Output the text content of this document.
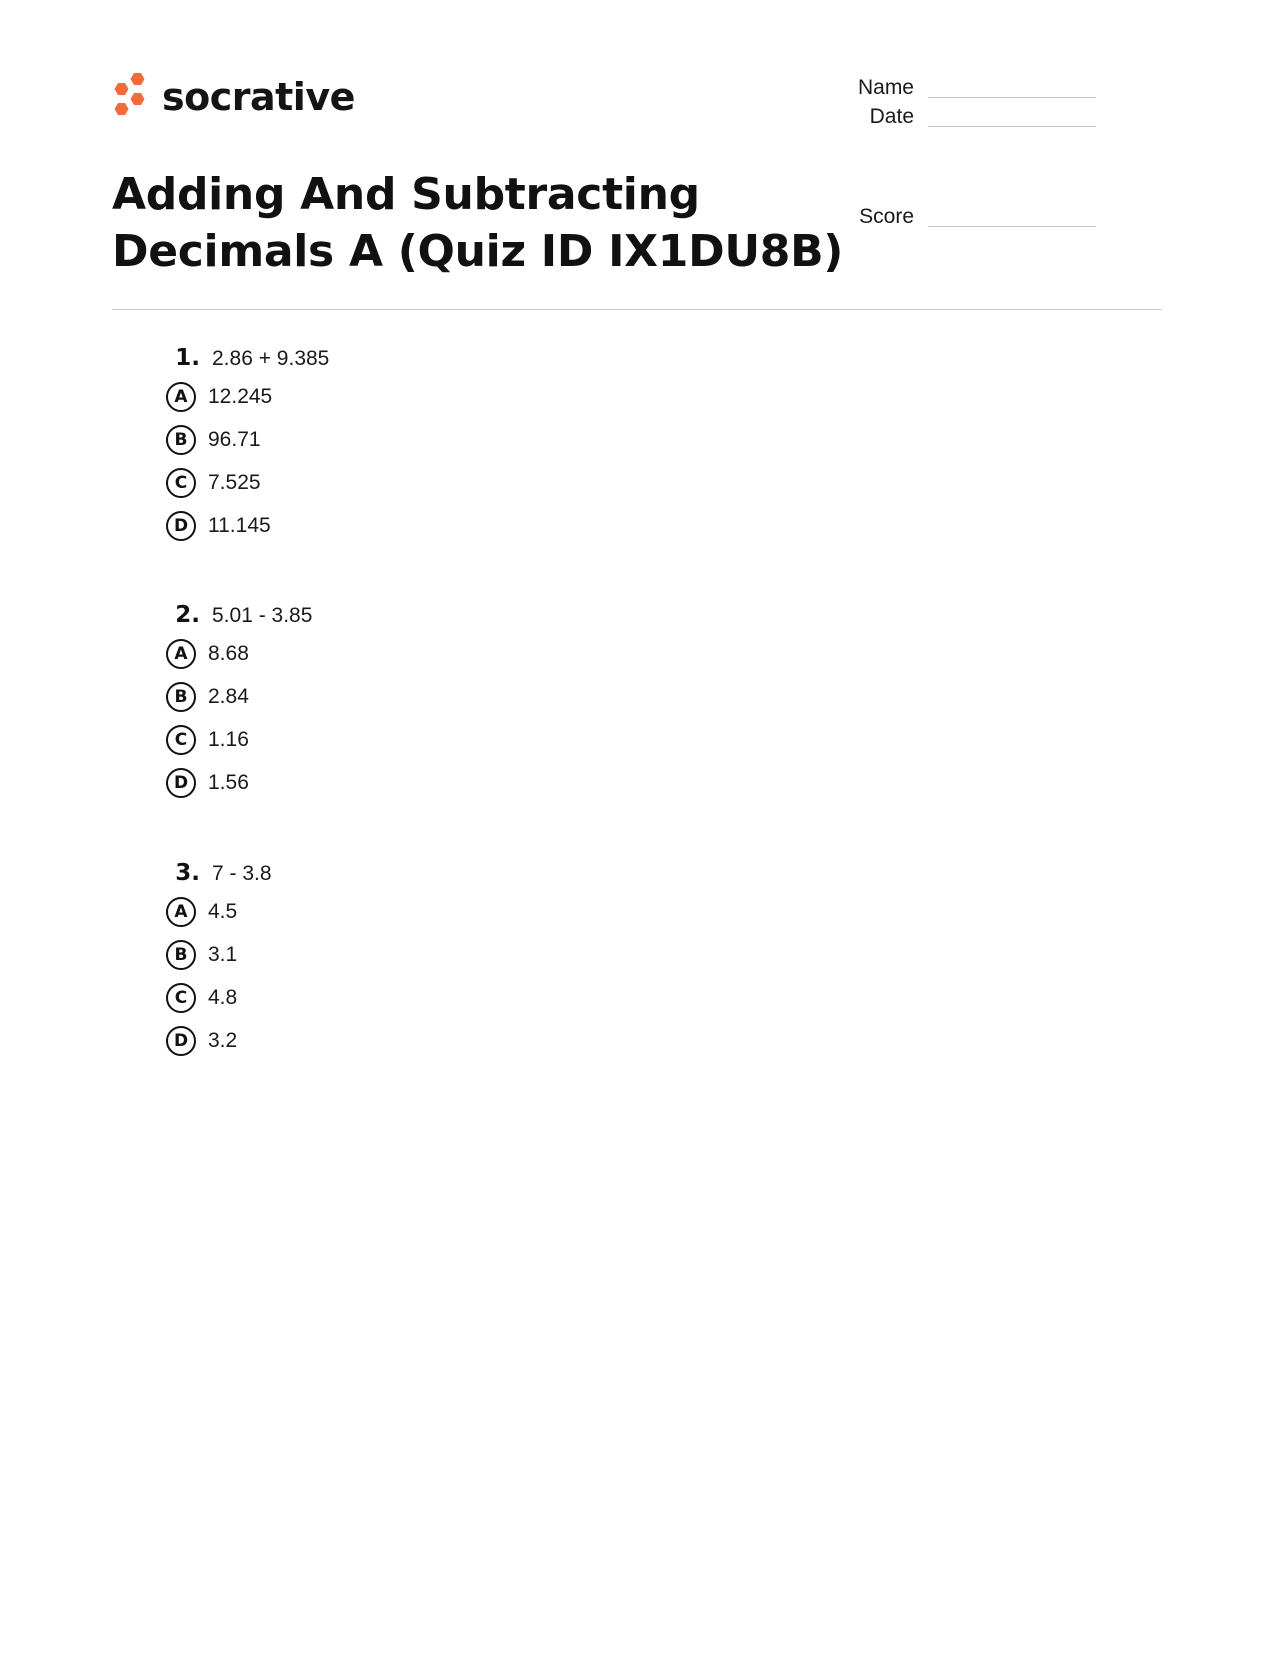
socrative	Name
Date
Score
Adding And Subtracting Decimals A (Quiz ID IX1DU8B)
1. 2.86 + 9.385
A 12.245
B 96.71
C 7.525
D 11.145
2. 5.01 - 3.85
A 8.68
B 2.84
C 1.16
D 1.56
3. 7 - 3.8
A 4.5
B 3.1
C 4.8
D 3.2
